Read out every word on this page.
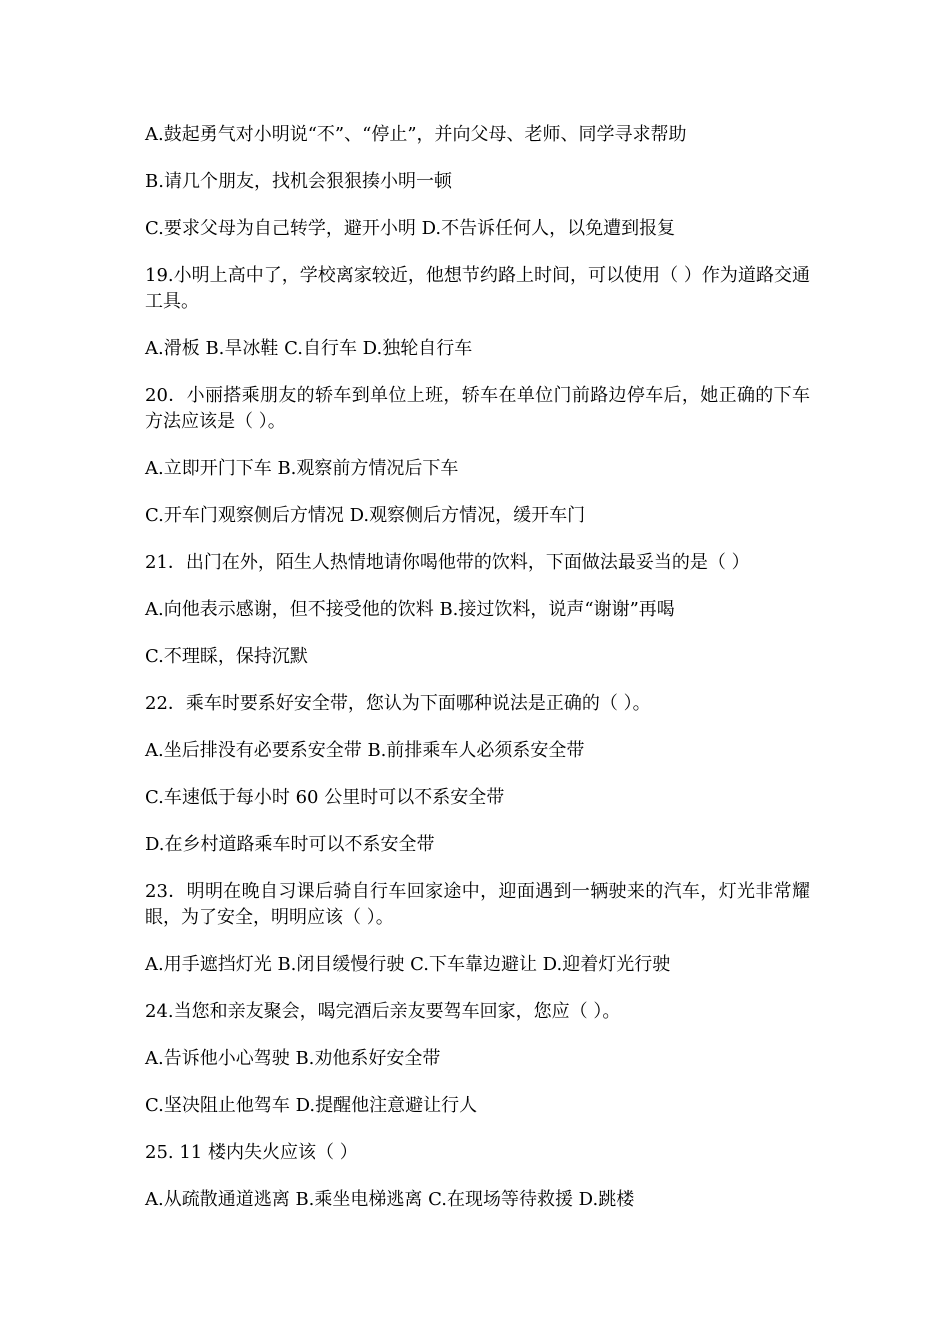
A.鼓起勇气对小明说“不”、“停止”，并向父母、老师、同学寻求帮助

B.请几个朋友，找机会狠狠揍小明一顿

C.要求父母为自己转学，避开小明 D.不告诉任何人，以免遭到报复

19.小明上高中了，学校离家较近，他想节约路上时间，可以使用（ ）作为道路交通工具。

A.滑板 B.旱冰鞋 C.自行车 D.独轮自行车

20．小丽搭乘朋友的轿车到单位上班，轿车在单位门前路边停车后，她正确的下车方法应该是（ ）。

A.立即开门下车 B.观察前方情况后下车

C.开车门观察侧后方情况 D.观察侧后方情况，缓开车门

21．出门在外，陌生人热情地请你喝他带的饮料，下面做法最妥当的是（ ）

A.向他表示感谢，但不接受他的饮料 B.接过饮料，说声“谢谢”再喝

C.不理睬，保持沉默

22．乘车时要系好安全带，您认为下面哪种说法是正确的（ ）。

A.坐后排没有必要系安全带 B.前排乘车人必须系安全带

C.车速低于每小时 60 公里时可以不系安全带

D.在乡村道路乘车时可以不系安全带

23．明明在晚自习课后骑自行车回家途中，迎面遇到一辆驶来的汽车，灯光非常耀眼，为了安全，明明应该（ ）。

A.用手遮挡灯光 B.闭目缓慢行驶 C.下车靠边避让 D.迎着灯光行驶

24.当您和亲友聚会，喝完酒后亲友要驾车回家，您应（ ）。

A.告诉他小心驾驶 B.劝他系好安全带

C.坚决阻止他驾车 D.提醒他注意避让行人

25. 11 楼内失火应该（ ）

A.从疏散通道逃离 B.乘坐电梯逃离 C.在现场等待救援 D.跳楼
